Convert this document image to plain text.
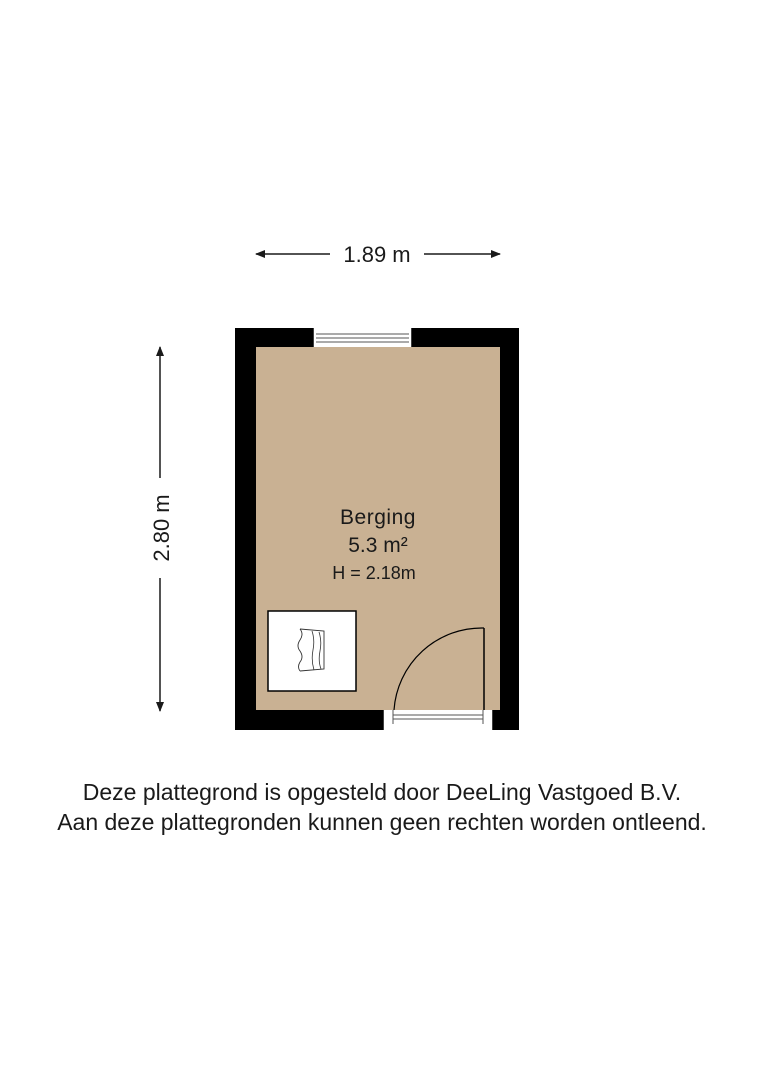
1.89 m
2.80 m	Berging
5.3 m²
H = 2.18m
Deze plattegrond is opgesteld door DeeLing Vastgoed B.V.
Aan deze plattegronden kunnen geen rechten worden ontleend.
